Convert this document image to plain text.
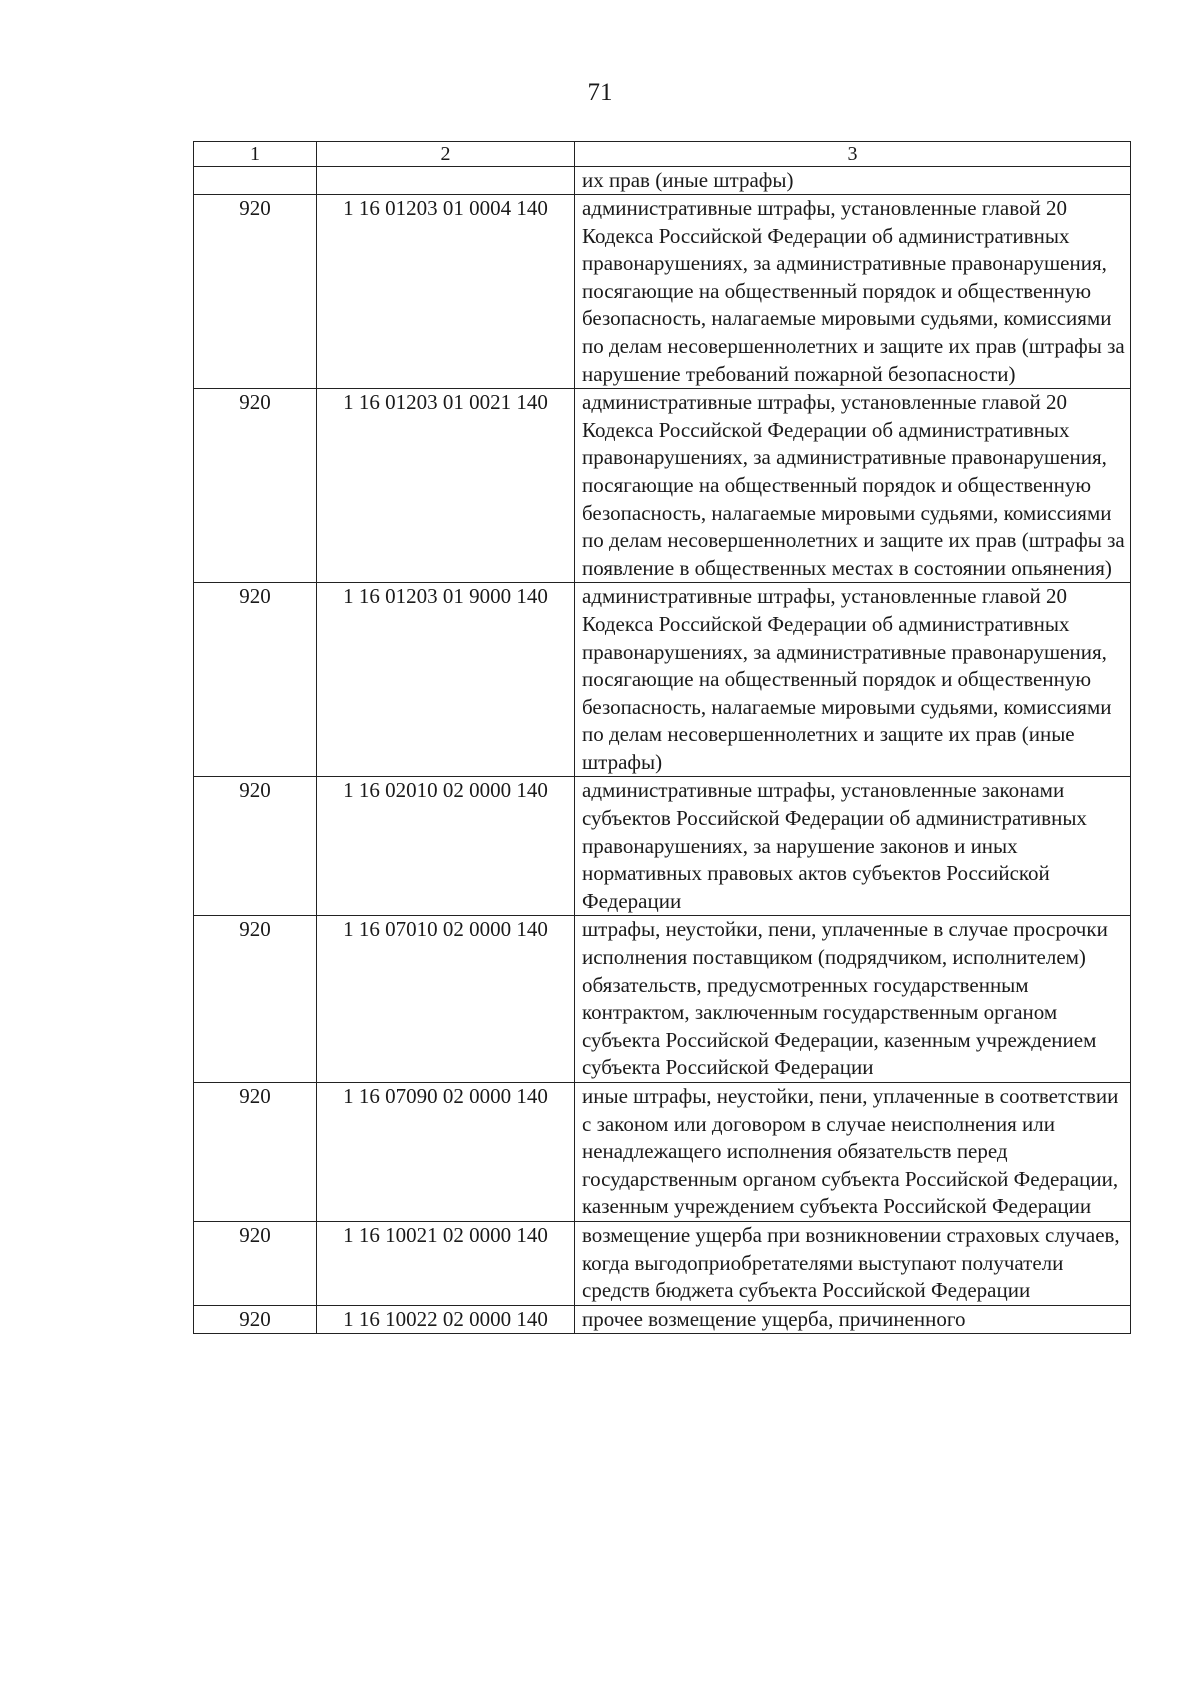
71
1	2	3
		их прав (иные штрафы)
920	1 16 01203 01 0004 140	административные штрафы, установленные главой 20 Кодекса Российской Федерации об административных правонарушениях, за административные правонарушения, посягающие на общественный порядок и общественную безопасность, налагаемые мировыми судьями, комиссиями по делам несовершеннолетних и защите их прав (штрафы за нарушение требований пожарной безопасности)
920	1 16 01203 01 0021 140	административные штрафы, установленные главой 20 Кодекса Российской Федерации об административных правонарушениях, за административные правонарушения, посягающие на общественный порядок и общественную безопасность, налагаемые мировыми судьями, комиссиями по делам несовершеннолетних и защите их прав (штрафы за появление в общественных местах в состоянии опьянения)
920	1 16 01203 01 9000 140	административные штрафы, установленные главой 20 Кодекса Российской Федерации об административных правонарушениях, за административные правонарушения, посягающие на общественный порядок и общественную безопасность, налагаемые мировыми судьями, комиссиями по делам несовершеннолетних и защите их прав (иные штрафы)
920	1 16 02010 02 0000 140	административные штрафы, установленные законами субъектов Российской Федерации об административных правонарушениях, за нарушение законов и иных нормативных правовых актов субъектов Российской Федерации
920	1 16 07010 02 0000 140	штрафы, неустойки, пени, уплаченные в случае просрочки исполнения поставщиком (подрядчиком, исполнителем) обязательств, предусмотренных государственным контрактом, заключенным государственным органом субъекта Российской Федерации, казенным учреждением субъекта Российской Федерации
920	1 16 07090 02 0000 140	иные штрафы, неустойки, пени, уплаченные в соответствии с законом или договором в случае неисполнения или ненадлежащего исполнения обязательств перед государственным органом субъекта Российской Федерации, казенным учреждением субъекта Российской Федерации
920	1 16 10021 02 0000 140	возмещение ущерба при возникновении страховых случаев, когда выгодоприобретателями выступают получатели средств бюджета субъекта Российской Федерации
920	1 16 10022 02 0000 140	прочее возмещение ущерба, причиненного
